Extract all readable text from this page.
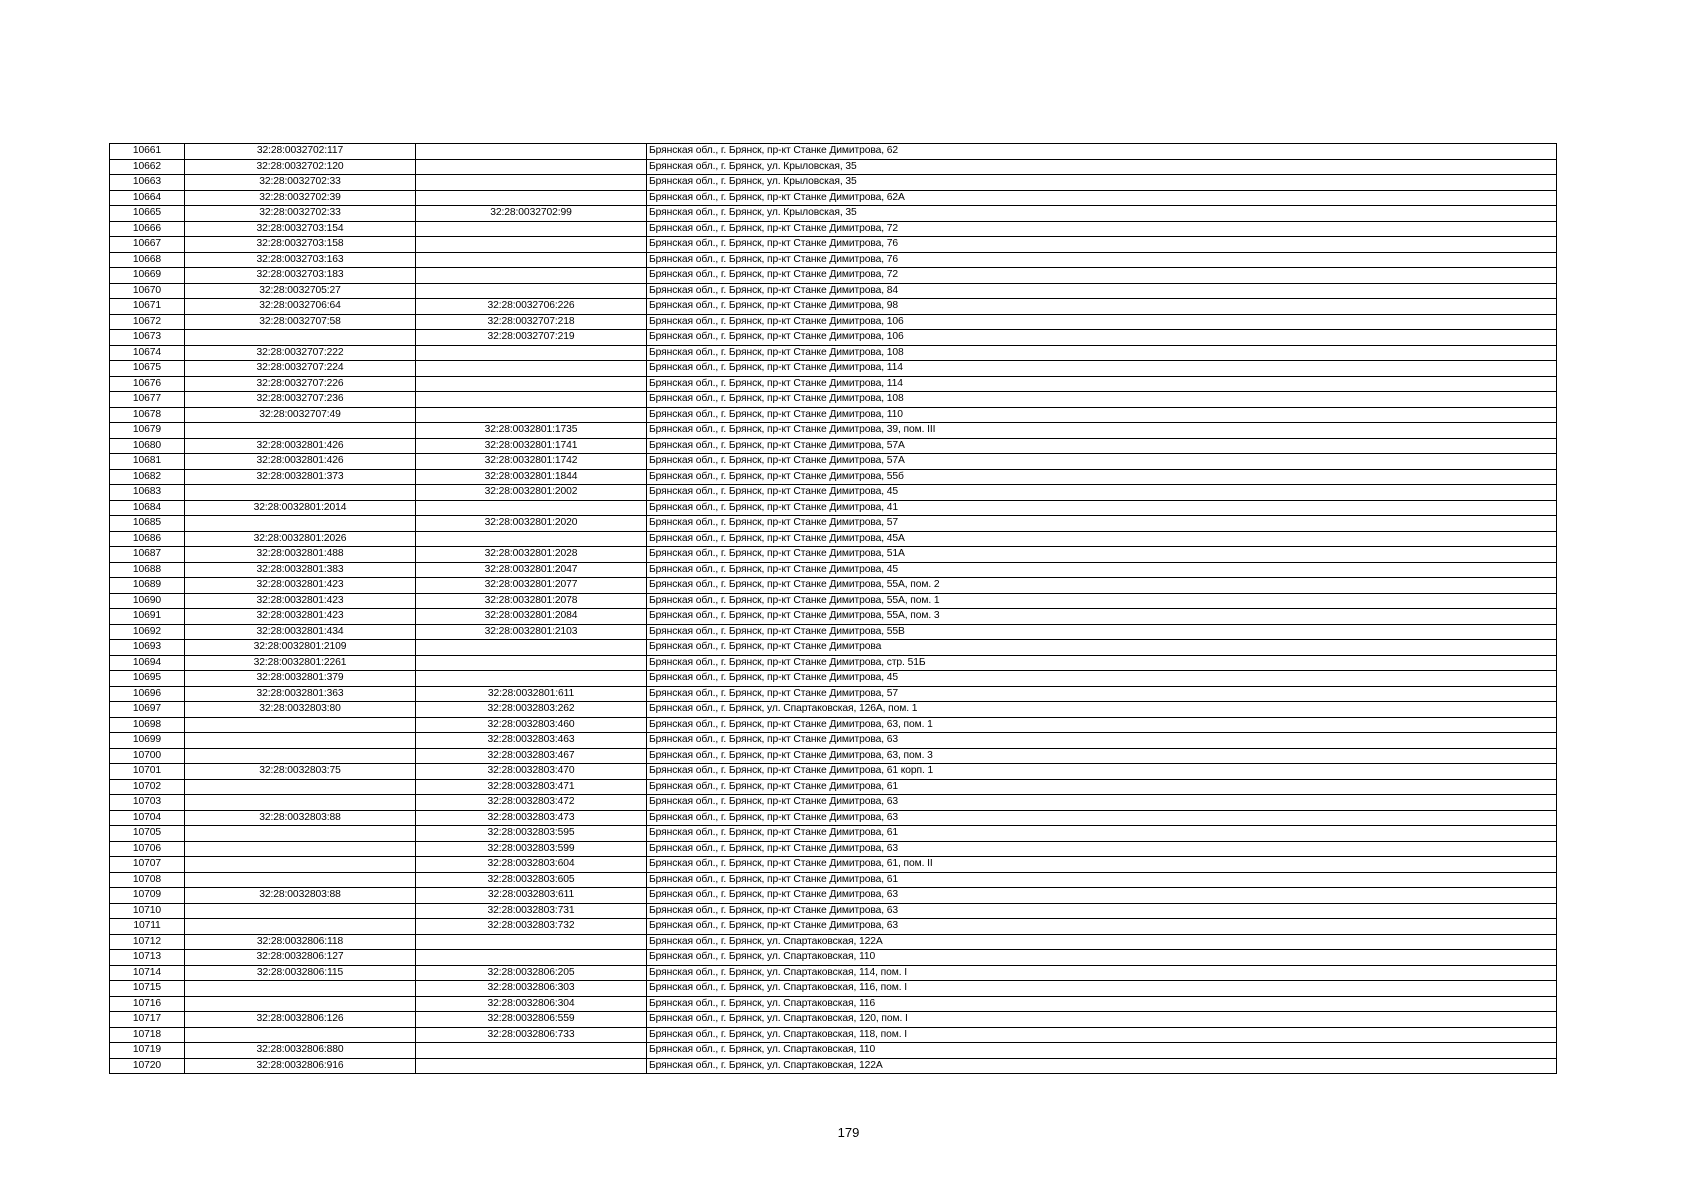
10661	32:28:0032702:117		Брянская обл., г. Брянск, пр-кт Станке Димитрова, 62
10662	32:28:0032702:120		Брянская обл., г. Брянск, ул. Крыловская, 35
10663	32:28:0032702:33		Брянская обл., г. Брянск, ул. Крыловская, 35
10664	32:28:0032702:39		Брянская обл., г. Брянск, пр-кт Станке Димитрова, 62А
10665	32:28:0032702:33	32:28:0032702:99	Брянская обл., г. Брянск, ул. Крыловская, 35
10666	32:28:0032703:154		Брянская обл., г. Брянск, пр-кт Станке Димитрова, 72
10667	32:28:0032703:158		Брянская обл., г. Брянск, пр-кт Станке Димитрова, 76
10668	32:28:0032703:163		Брянская обл., г. Брянск, пр-кт Станке Димитрова, 76
10669	32:28:0032703:183		Брянская обл., г. Брянск, пр-кт Станке Димитрова, 72
10670	32:28:0032705:27		Брянская обл., г. Брянск, пр-кт Станке Димитрова, 84
10671	32:28:0032706:64	32:28:0032706:226	Брянская обл., г. Брянск, пр-кт Станке Димитрова, 98
10672	32:28:0032707:58	32:28:0032707:218	Брянская обл., г. Брянск, пр-кт Станке Димитрова, 106
10673		32:28:0032707:219	Брянская обл., г. Брянск, пр-кт Станке Димитрова, 106
10674	32:28:0032707:222		Брянская обл., г. Брянск, пр-кт Станке Димитрова, 108
10675	32:28:0032707:224		Брянская обл., г. Брянск, пр-кт Станке Димитрова, 114
10676	32:28:0032707:226		Брянская обл., г. Брянск, пр-кт Станке Димитрова, 114
10677	32:28:0032707:236		Брянская обл., г. Брянск, пр-кт Станке Димитрова, 108
10678	32:28:0032707:49		Брянская обл., г. Брянск, пр-кт Станке Димитрова, 110
10679		32:28:0032801:1735	Брянская обл., г. Брянск, пр-кт Станке Димитрова, 39, пом. III
10680	32:28:0032801:426	32:28:0032801:1741	Брянская обл., г. Брянск, пр-кт Станке Димитрова, 57А
10681	32:28:0032801:426	32:28:0032801:1742	Брянская обл., г. Брянск, пр-кт Станке Димитрова, 57А
10682	32:28:0032801:373	32:28:0032801:1844	Брянская обл., г. Брянск, пр-кт Станке Димитрова, 55б
10683		32:28:0032801:2002	Брянская обл., г. Брянск, пр-кт Станке Димитрова, 45
10684	32:28:0032801:2014		Брянская обл., г. Брянск, пр-кт Станке Димитрова, 41
10685		32:28:0032801:2020	Брянская обл., г. Брянск, пр-кт Станке Димитрова, 57
10686	32:28:0032801:2026		Брянская обл., г. Брянск, пр-кт Станке Димитрова, 45А
10687	32:28:0032801:488	32:28:0032801:2028	Брянская обл., г. Брянск, пр-кт Станке Димитрова, 51А
10688	32:28:0032801:383	32:28:0032801:2047	Брянская обл., г. Брянск, пр-кт Станке Димитрова, 45
10689	32:28:0032801:423	32:28:0032801:2077	Брянская обл., г. Брянск, пр-кт Станке Димитрова, 55А, пом. 2
10690	32:28:0032801:423	32:28:0032801:2078	Брянская обл., г. Брянск, пр-кт Станке Димитрова, 55А, пом. 1
10691	32:28:0032801:423	32:28:0032801:2084	Брянская обл., г. Брянск, пр-кт Станке Димитрова, 55А, пом. 3
10692	32:28:0032801:434	32:28:0032801:2103	Брянская обл., г. Брянск, пр-кт Станке Димитрова, 55В
10693	32:28:0032801:2109		Брянская обл., г. Брянск, пр-кт Станке Димитрова
10694	32:28:0032801:2261		Брянская обл., г. Брянск, пр-кт Станке Димитрова, стр. 51Б
10695	32:28:0032801:379		Брянская обл., г. Брянск, пр-кт Станке Димитрова, 45
10696	32:28:0032801:363	32:28:0032801:611	Брянская обл., г. Брянск, пр-кт Станке Димитрова, 57
10697	32:28:0032803:80	32:28:0032803:262	Брянская обл., г. Брянск, ул. Спартаковская, 126А, пом. 1
10698		32:28:0032803:460	Брянская обл., г. Брянск, пр-кт Станке Димитрова, 63, пом. 1
10699		32:28:0032803:463	Брянская обл., г. Брянск, пр-кт Станке Димитрова, 63
10700		32:28:0032803:467	Брянская обл., г. Брянск, пр-кт Станке Димитрова, 63, пом. 3
10701	32:28:0032803:75	32:28:0032803:470	Брянская обл., г. Брянск, пр-кт Станке Димитрова, 61 корп. 1
10702		32:28:0032803:471	Брянская обл., г. Брянск, пр-кт Станке Димитрова, 61
10703		32:28:0032803:472	Брянская обл., г. Брянск, пр-кт Станке Димитрова, 63
10704	32:28:0032803:88	32:28:0032803:473	Брянская обл., г. Брянск, пр-кт Станке Димитрова, 63
10705		32:28:0032803:595	Брянская обл., г. Брянск, пр-кт Станке Димитрова, 61
10706		32:28:0032803:599	Брянская обл., г. Брянск, пр-кт Станке Димитрова, 63
10707		32:28:0032803:604	Брянская обл., г. Брянск, пр-кт Станке Димитрова, 61, пом. II
10708		32:28:0032803:605	Брянская обл., г. Брянск, пр-кт Станке Димитрова, 61
10709	32:28:0032803:88	32:28:0032803:611	Брянская обл., г. Брянск, пр-кт Станке Димитрова, 63
10710		32:28:0032803:731	Брянская обл., г. Брянск, пр-кт Станке Димитрова, 63
10711		32:28:0032803:732	Брянская обл., г. Брянск, пр-кт Станке Димитрова, 63
10712	32:28:0032806:118		Брянская обл., г. Брянск, ул. Спартаковская, 122А
10713	32:28:0032806:127		Брянская обл., г. Брянск, ул. Спартаковская, 110
10714	32:28:0032806:115	32:28:0032806:205	Брянская обл., г. Брянск, ул. Спартаковская, 114, пом. I
10715		32:28:0032806:303	Брянская обл., г. Брянск, ул. Спартаковская, 116, пом. I
10716		32:28:0032806:304	Брянская обл., г. Брянск, ул. Спартаковская, 116
10717	32:28:0032806:126	32:28:0032806:559	Брянская обл., г. Брянск, ул. Спартаковская, 120, пом. I
10718		32:28:0032806:733	Брянская обл., г. Брянск, ул. Спартаковская, 118, пом. I
10719	32:28:0032806:880		Брянская обл., г. Брянск, ул. Спартаковская, 110
10720	32:28:0032806:916		Брянская обл., г. Брянск, ул. Спартаковская, 122А
179
